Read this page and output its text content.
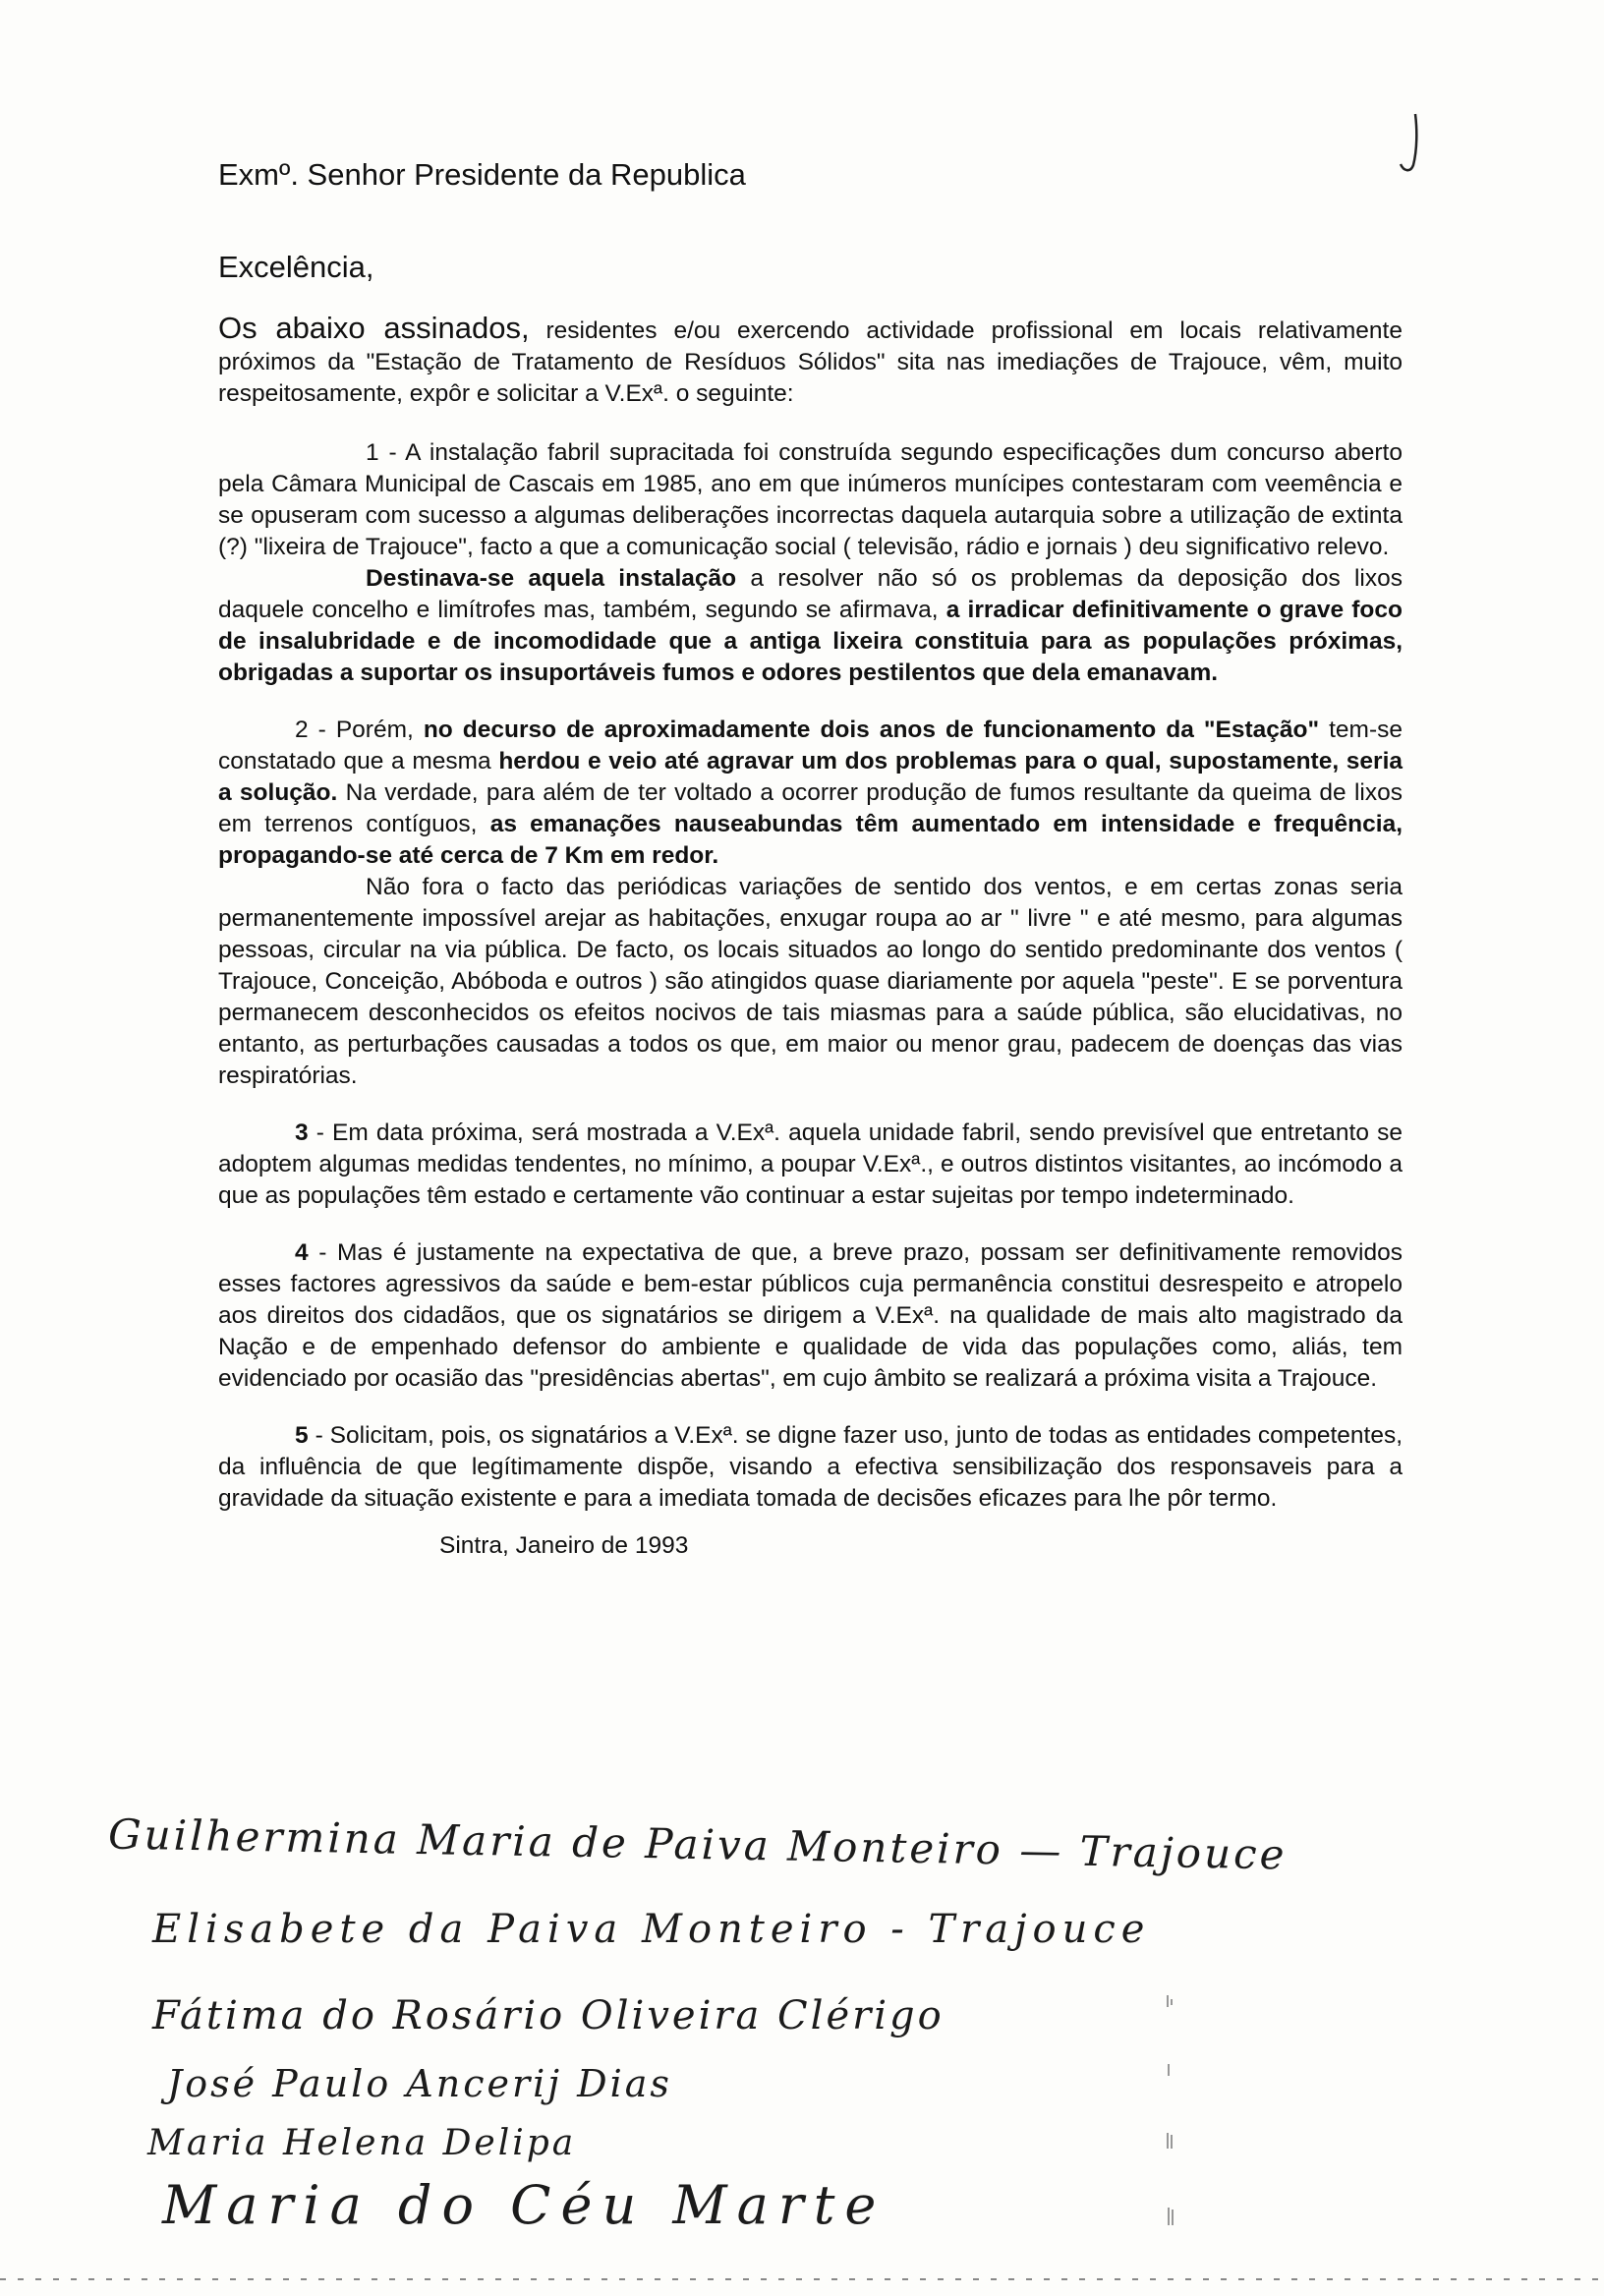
Exmº. Senhor Presidente da Republica

Excelência,

Os abaixo assinados, residentes e/ou exercendo actividade profissional em locais relativamente próximos da "Estação de Tratamento de Resíduos Sólidos" sita nas imediações de Trajouce, vêm, muito respeitosamente, expôr e solicitar a V.Exª. o seguinte:

1 - A instalação fabril supracitada foi construída segundo especificações dum concurso aberto pela Câmara Municipal de Cascais em 1985, ano em que inúmeros munícipes contestaram com veemência e se opuseram com sucesso a algumas deliberações incorrectas daquela autarquia sobre a utilização de extinta (?) "lixeira de Trajouce", facto a que a comunicação social ( televisão, rádio e jornais ) deu significativo relevo.

Destinava-se aquela instalação a resolver não só os problemas da deposição dos lixos daquele concelho e limítrofes mas, também, segundo se afirmava, a irradicar definitivamente o grave foco de insalubridade e de incomodidade que a antiga lixeira constituia para as populações próximas, obrigadas a suportar os insuportáveis fumos e odores pestilentos que dela emanavam.

2 - Porém, no decurso de aproximadamente dois anos de funcionamento da "Estação" tem-se constatado que a mesma herdou e veio até agravar um dos problemas para o qual, supostamente, seria a solução. Na verdade, para além de ter voltado a ocorrer produção de fumos resultante da queima de lixos em terrenos contíguos, as emanações nauseabundas têm aumentado em intensidade e frequência, propagando-se até cerca de 7 Km em redor.

Não fora o facto das periódicas variações de sentido dos ventos, e em certas zonas seria permanentemente impossível arejar as habitações, enxugar roupa ao ar " livre " e até mesmo, para algumas pessoas, circular na via pública. De facto, os locais situados ao longo do sentido predominante dos ventos ( Trajouce, Conceição, Abóboda e outros ) são atingidos quase diariamente por aquela "peste". E se porventura permanecem desconhecidos os efeitos nocivos de tais miasmas para a saúde pública, são elucidativas, no entanto, as perturbações causadas a todos os que, em maior ou menor grau, padecem de doenças das vias respiratórias.

3 - Em data próxima, será mostrada a V.Exª. aquela unidade fabril, sendo previsível que entretanto se adoptem algumas medidas tendentes, no mínimo, a poupar V.Exª., e outros distintos visitantes, ao incómodo a que as populações têm estado e certamente vão continuar a estar sujeitas por tempo indeterminado.

4 - Mas é justamente na expectativa de que, a breve prazo, possam ser definitivamente removidos esses factores agressivos da saúde e bem-estar públicos cuja permanência constitui desrespeito e atropelo aos direitos dos cidadãos, que os signatários se dirigem a V.Exª. na qualidade de mais alto magistrado da Nação e de empenhado defensor do ambiente e qualidade de vida das populações como, aliás, tem evidenciado por ocasião das "presidências abertas", em cujo âmbito se realizará a próxima visita a Trajouce.

5 - Solicitam, pois, os signatários a V.Exª. se digne fazer uso, junto de todas as entidades competentes, da influência de que legítimamente dispõe, visando a efectiva sensibilização dos responsaveis para a gravidade da situação existente e para a imediata tomada de decisões eficazes para lhe pôr termo.

Sintra, Janeiro de 1993

Guilhermina Maria de Paiva Monteiro — Trajouce
Elisabete da Paiva Monteiro - Trajouce
Fátima do Rosário Oliveira Clérigo
José Paulo Ancerij Dias
Maria Helena Delipa
Maria do Céu Marte
